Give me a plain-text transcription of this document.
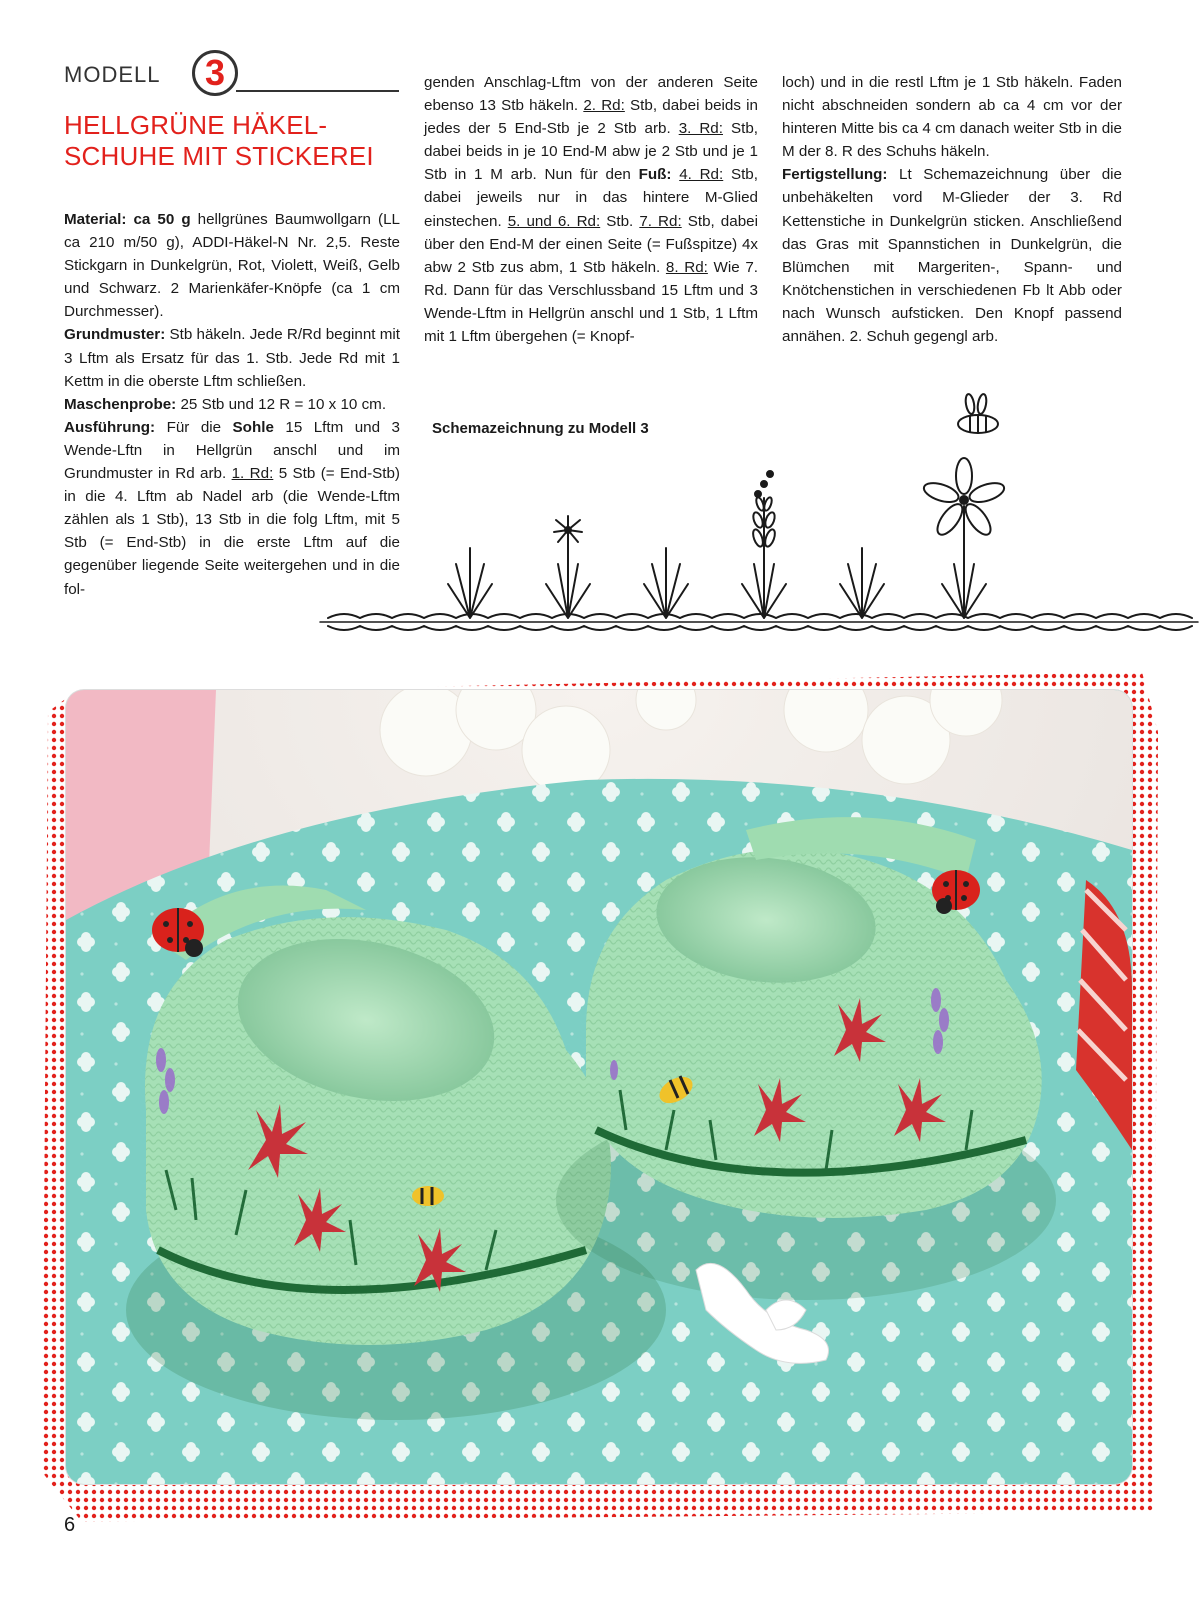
MODELL	3
HELLGRÜNE HÄKEL-
SCHUHE MIT STICKEREI

Material: ca 50 g hellgrünes Baumwollgarn (LL ca 210 m/50 g), ADDI-Häkel-N Nr. 2,5. Reste Stickgarn in Dunkelgrün, Rot, Violett, Weiß, Gelb und Schwarz. 2 Marienkäfer-Knöpfe (ca 1 cm Durchmesser).

Grundmuster: Stb häkeln. Jede R/Rd beginnt mit 3 Lftm als Ersatz für das 1. Stb. Jede Rd mit 1 Kettm in die oberste Lftm schließen.

Maschenprobe: 25 Stb und 12 R = 10 x 10 cm.

Ausführung: Für die Sohle 15 Lftm und 3 Wende-Lftn in Hellgrün anschl und im Grundmuster in Rd arb. 1. Rd: 5 Stb (= End-Stb) in die 4. Lftm ab Nadel arb (die Wende-Lftm zählen als 1 Stb), 13 Stb in die folg Lftm, mit 5 Stb (= End-Stb) in die erste Lftm auf die gegenüber liegende Seite weitergehen und in die fol-

genden Anschlag-Lftm von der anderen Seite ebenso 13 Stb häkeln. 2. Rd: Stb, dabei beids in jedes der 5 End-Stb je 2 Stb arb. 3. Rd: Stb, dabei beids in je 10 End-M abw je 2 Stb und je 1 Stb in 1 M arb. Nun für den Fuß: 4. Rd: Stb, dabei jeweils nur in das hintere M-Glied einstechen. 5. und 6. Rd: Stb. 7. Rd: Stb, dabei über den End-M der einen Seite (= Fußspitze) 4x abw 2 Stb zus abm, 1 Stb häkeln. 8. Rd: Wie 7. Rd. Dann für das Verschlussband 15 Lftm und 3 Wende-Lftm in Hellgrün anschl und 1 Stb, 1 Lftm mit 1 Lftm übergehen (= Knopf-

loch) und in die restl Lftm je 1 Stb häkeln. Faden nicht abschneiden sondern ab ca 4 cm vor der hinteren Mitte bis ca 4 cm danach weiter Stb in die M der 8. R des Schuhs häkeln.

Fertigstellung: Lt Schemazeichnung über die unbehäkelten vord M-Glieder der 3. Rd Kettenstiche in Dunkelgrün sticken. Anschließend das Gras mit Spannstichen in Dunkelgrün, die Blümchen mit Margeriten-, Spann- und Knötchenstichen in verschiedenen Fb lt Abb oder nach Wunsch aufsticken. Den Knopf passend annähen. 2. Schuh gegengl arb.

Schemazeichnung zu Modell 3
6
